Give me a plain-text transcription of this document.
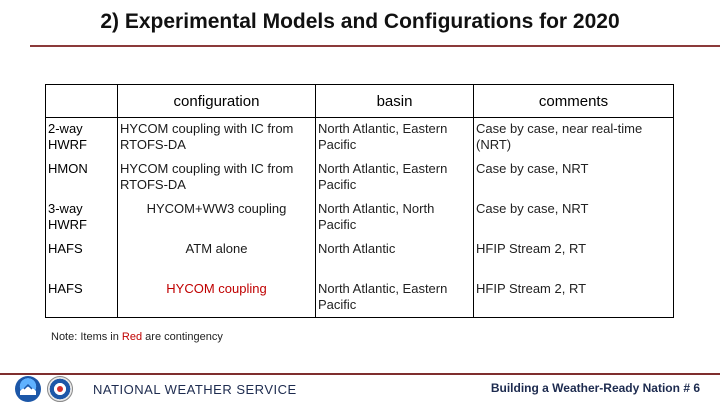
2) Experimental Models and Configurations for 2020
	configuration	basin	comments
2-way HWRF	HYCOM coupling with IC from RTOFS-DA	North Atlantic, Eastern Pacific	Case by case, near real-time (NRT)
HMON	HYCOM coupling with IC from RTOFS-DA	North Atlantic, Eastern Pacific	Case by case, NRT
3-way HWRF	HYCOM+WW3 coupling	North Atlantic, North Pacific	Case by case, NRT
HAFS	ATM alone	North Atlantic	HFIP Stream 2, RT
HAFS	HYCOM coupling	North Atlantic, Eastern Pacific	HFIP Stream 2, RT
Note: Items in Red are contingency
NATIONAL WEATHER SERVICE	Building a Weather-Ready Nation # 6
